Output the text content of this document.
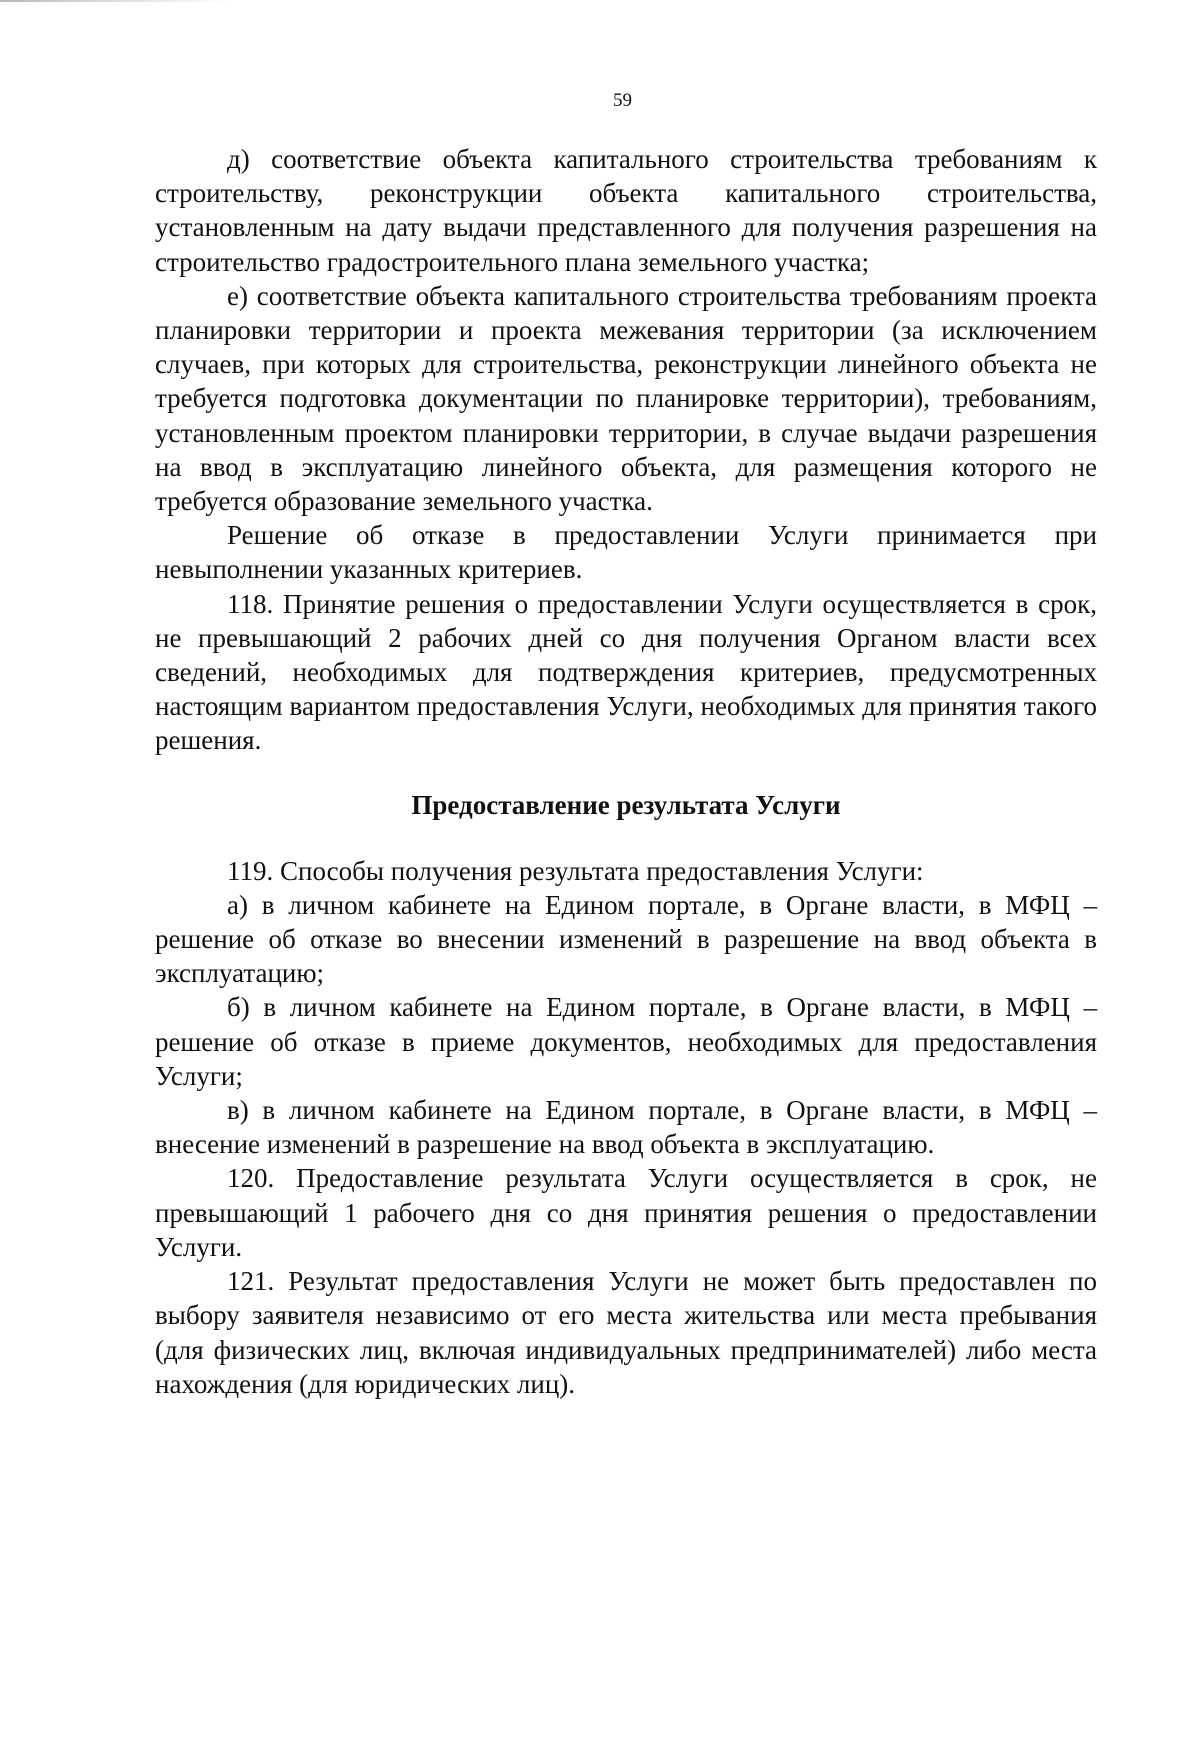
59

д) соответствие объекта капитального строительства требованиям к строительству, реконструкции объекта капитального строительства, установленным на дату выдачи представленного для получения разрешения на строительство градостроительного плана земельного участка;

е) соответствие объекта капитального строительства требованиям проекта планировки территории и проекта межевания территории (за исключением случаев, при которых для строительства, реконструкции линейного объекта не требуется подготовка документации по планировке территории), требованиям, установленным проектом планировки территории, в случае выдачи разрешения на ввод в эксплуатацию линейного объекта, для размещения которого не требуется образование земельного участка.

Решение об отказе в предоставлении Услуги принимается при невыполнении указанных критериев.

118. Принятие решения о предоставлении Услуги осуществляется в срок, не превышающий 2 рабочих дней со дня получения Органом власти всех сведений, необходимых для подтверждения критериев, предусмотренных настоящим вариантом предоставления Услуги, необходимых для принятия такого решения.

Предоставление результата Услуги

119. Способы получения результата предоставления Услуги:

а) в личном кабинете на Едином портале, в Органе власти, в МФЦ – решение об отказе во внесении изменений в разрешение на ввод объекта в эксплуатацию;

б) в личном кабинете на Едином портале, в Органе власти, в МФЦ – решение об отказе в приеме документов, необходимых для предоставления Услуги;

в) в личном кабинете на Едином портале, в Органе власти, в МФЦ – внесение изменений в разрешение на ввод объекта в эксплуатацию.

120. Предоставление результата Услуги осуществляется в срок, не превышающий 1 рабочего дня со дня принятия решения о предоставлении Услуги.

121. Результат предоставления Услуги не может быть предоставлен по выбору заявителя независимо от его места жительства или места пребывания (для физических лиц, включая индивидуальных предпринимателей) либо места нахождения (для юридических лиц).
